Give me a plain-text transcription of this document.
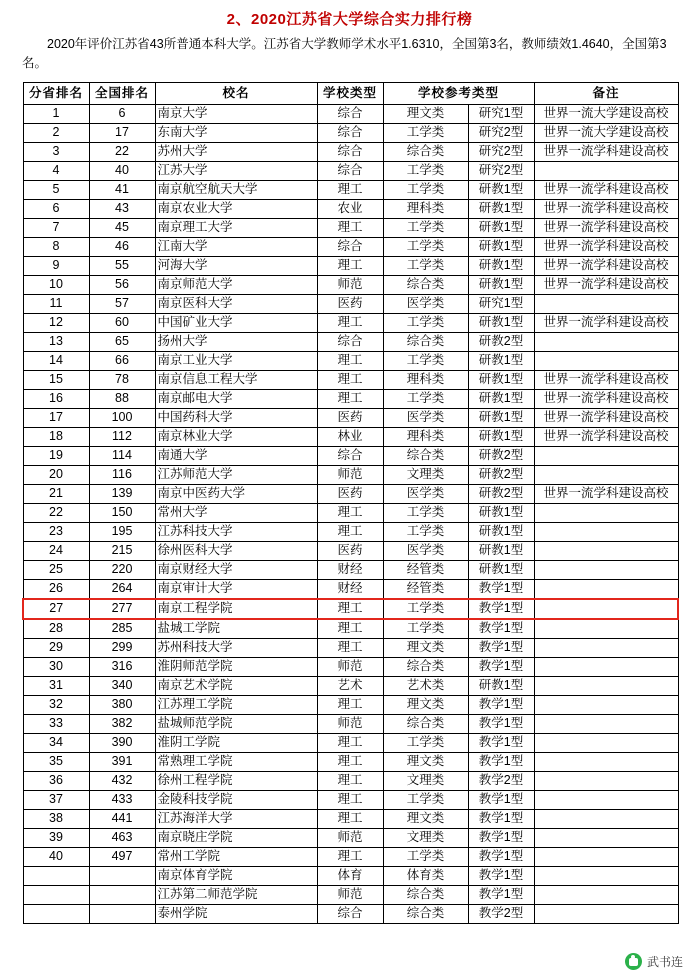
2、2020江苏省大学综合实力排行榜

2020年评价江苏省43所普通本科大学。江苏省大学教师学术水平1.6310，全国第3名，教师绩效1.4640，全国第3名。

分省排名	全国排名	校名	学校类型	学校参考类型		备注
1	6	南京大学	综合	理文类	研究1型	世界一流大学建设高校
2	17	东南大学	综合	工学类	研究2型	世界一流大学建设高校
3	22	苏州大学	综合	综合类	研究2型	世界一流学科建设高校
4	40	江苏大学	综合	工学类	研究2型	
5	41	南京航空航天大学	理工	工学类	研教1型	世界一流学科建设高校
6	43	南京农业大学	农业	理科类	研教1型	世界一流学科建设高校
7	45	南京理工大学	理工	工学类	研教1型	世界一流学科建设高校
8	46	江南大学	综合	工学类	研教1型	世界一流学科建设高校
9	55	河海大学	理工	工学类	研教1型	世界一流学科建设高校
10	56	南京师范大学	师范	综合类	研教1型	世界一流学科建设高校
11	57	南京医科大学	医药	医学类	研究1型	
12	60	中国矿业大学	理工	工学类	研教1型	世界一流学科建设高校
13	65	扬州大学	综合	综合类	研教2型	
14	66	南京工业大学	理工	工学类	研教1型	
15	78	南京信息工程大学	理工	理科类	研教1型	世界一流学科建设高校
16	88	南京邮电大学	理工	工学类	研教1型	世界一流学科建设高校
17	100	中国药科大学	医药	医学类	研教1型	世界一流学科建设高校
18	112	南京林业大学	林业	理科类	研教1型	世界一流学科建设高校
19	114	南通大学	综合	综合类	研教2型	
20	116	江苏师范大学	师范	文理类	研教2型	
21	139	南京中医药大学	医药	医学类	研教2型	世界一流学科建设高校
22	150	常州大学	理工	工学类	研教1型	
23	195	江苏科技大学	理工	工学类	研教1型	
24	215	徐州医科大学	医药	医学类	研教1型	
25	220	南京财经大学	财经	经管类	研教1型	
26	264	南京审计大学	财经	经管类	教学1型	
27	277	南京工程学院	理工	工学类	教学1型	
28	285	盐城工学院	理工	工学类	教学1型	
29	299	苏州科技大学	理工	理文类	教学1型	
30	316	淮阴师范学院	师范	综合类	教学1型	
31	340	南京艺术学院	艺术	艺术类	研教1型	
32	380	江苏理工学院	理工	理文类	教学1型	
33	382	盐城师范学院	师范	综合类	教学1型	
34	390	淮阴工学院	理工	工学类	教学1型	
35	391	常熟理工学院	理工	理文类	教学1型	
36	432	徐州工程学院	理工	文理类	教学2型	
37	433	金陵科技学院	理工	工学类	教学1型	
38	441	江苏海洋大学	理工	理文类	教学1型	
39	463	南京晓庄学院	师范	文理类	教学1型	
40	497	常州工学院	理工	工学类	教学1型	
		南京体育学院	体育	体育类	教学1型	
		江苏第二师范学院	师范	综合类	教学1型	
		泰州学院	综合	综合类	教学2型	
武书连
